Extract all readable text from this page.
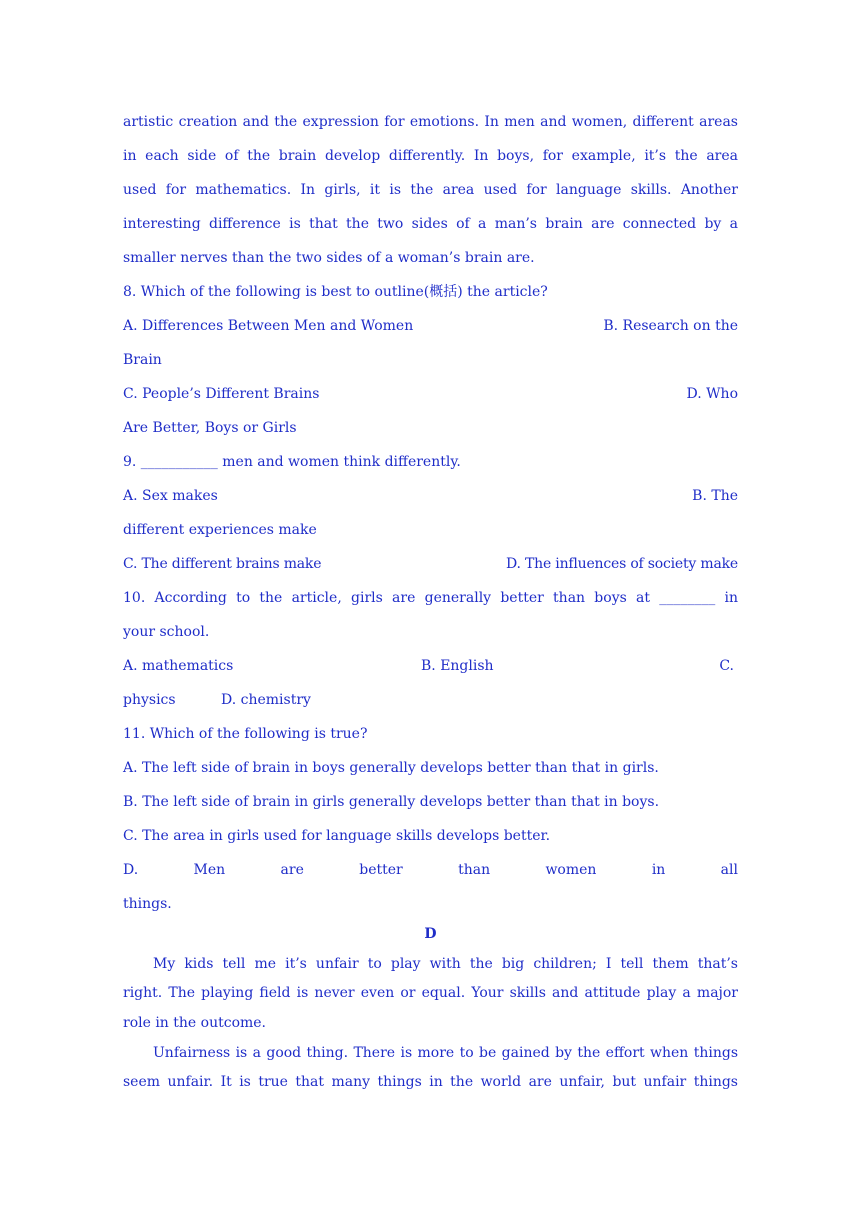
artistic creation and the expression for emotions. In men and women, different areas
in each side of the brain develop differently. In boys, for example, it’s the area
used for mathematics. In girls, it is the area used for language skills. Another
interesting difference is that the two sides of a man’s brain are connected by a
smaller nerves than the two sides of a woman’s brain are.
8. Which of the following is best to outline(概括) the article?
A. Differences Between Men and Women	B. Research on the
Brain
C. People’s Different Brains	D. Who
Are Better, Boys or Girls
9. ___________ men and women think differently.
A. Sex makes	B. The
different experiences make
C. The different brains make	D. The influences of society make
10. According to the article, girls are generally better than boys at ________ in
your school.
A. mathematics	B. English	C.
physics	D. chemistry
11. Which of the following is true?
A. The left side of brain in boys generally develops better than that in girls.
B. The left side of brain in girls generally develops better than that in boys.
C. The area in girls used for language skills develops better.
D.	Men	are	better	than	women	in	all
things.
D
My kids tell me it’s unfair to play with the big children; I tell them that’s
right. The playing field is never even or equal. Your skills and attitude play a major
role in the outcome.
Unfairness is a good thing. There is more to be gained by the effort when things
seem unfair. It is true that many things in the world are unfair, but unfair things
